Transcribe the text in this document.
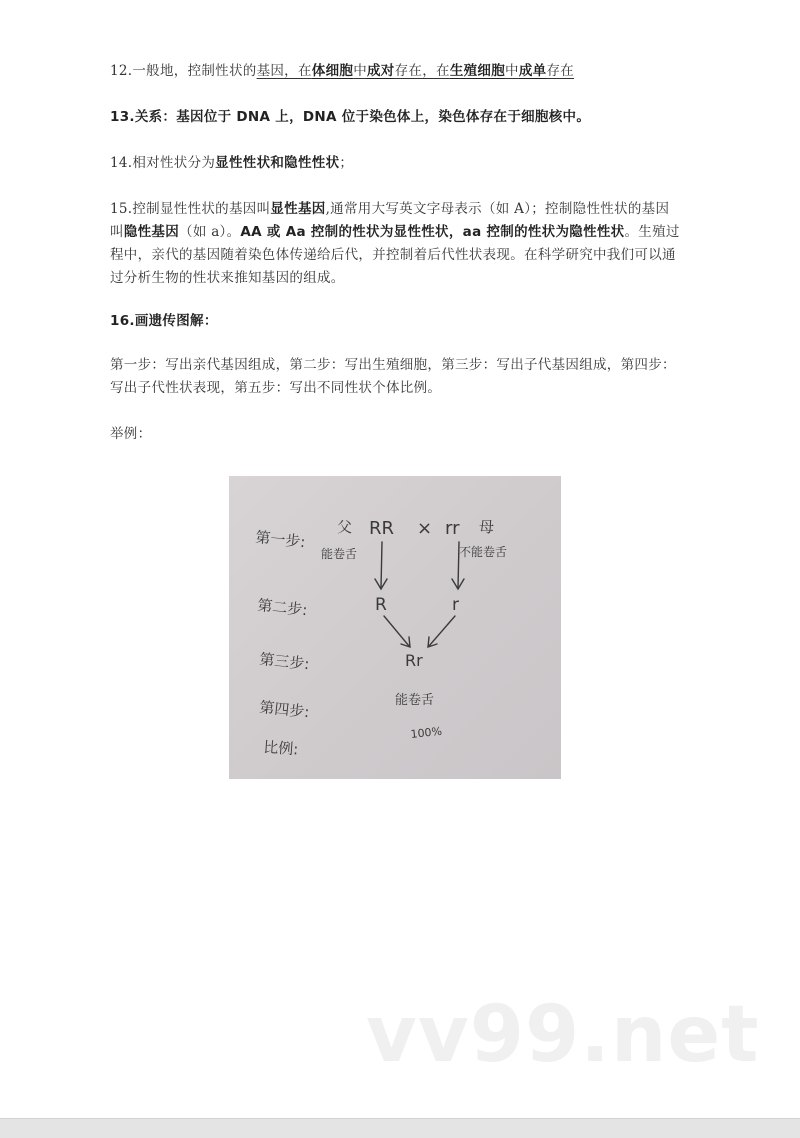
12.一般地，控制性状的基因，在体细胞中成对存在，在生殖细胞中成单存在

13.关系：基因位于 DNA 上，DNA 位于染色体上，染色体存在于细胞核中。

14.相对性状分为显性性状和隐性性状；

15.控制显性性状的基因叫显性基因,通常用大写英文字母表示（如 A）；控制隐性性状的基因叫隐性基因（如 a）。AA 或 Aa 控制的性状为显性性状，aa 控制的性状为隐性性状。生殖过程中，亲代的基因随着染色体传递给后代，并控制着后代性状表现。在科学研究中我们可以通过分析生物的性状来推知基因的组成。

16.画遗传图解：

第一步：写出亲代基因组成，第二步：写出生殖细胞，第三步：写出子代基因组成，第四步：写出子代性状表现，第五步：写出不同性状个体比例。

举例：

第一步:
第二步:
第三步:
第四步:
比例:
父 RR × rr 母
能卷舌	不能卷舌
R	r
Rr
能卷舌
100%
vv99.net
